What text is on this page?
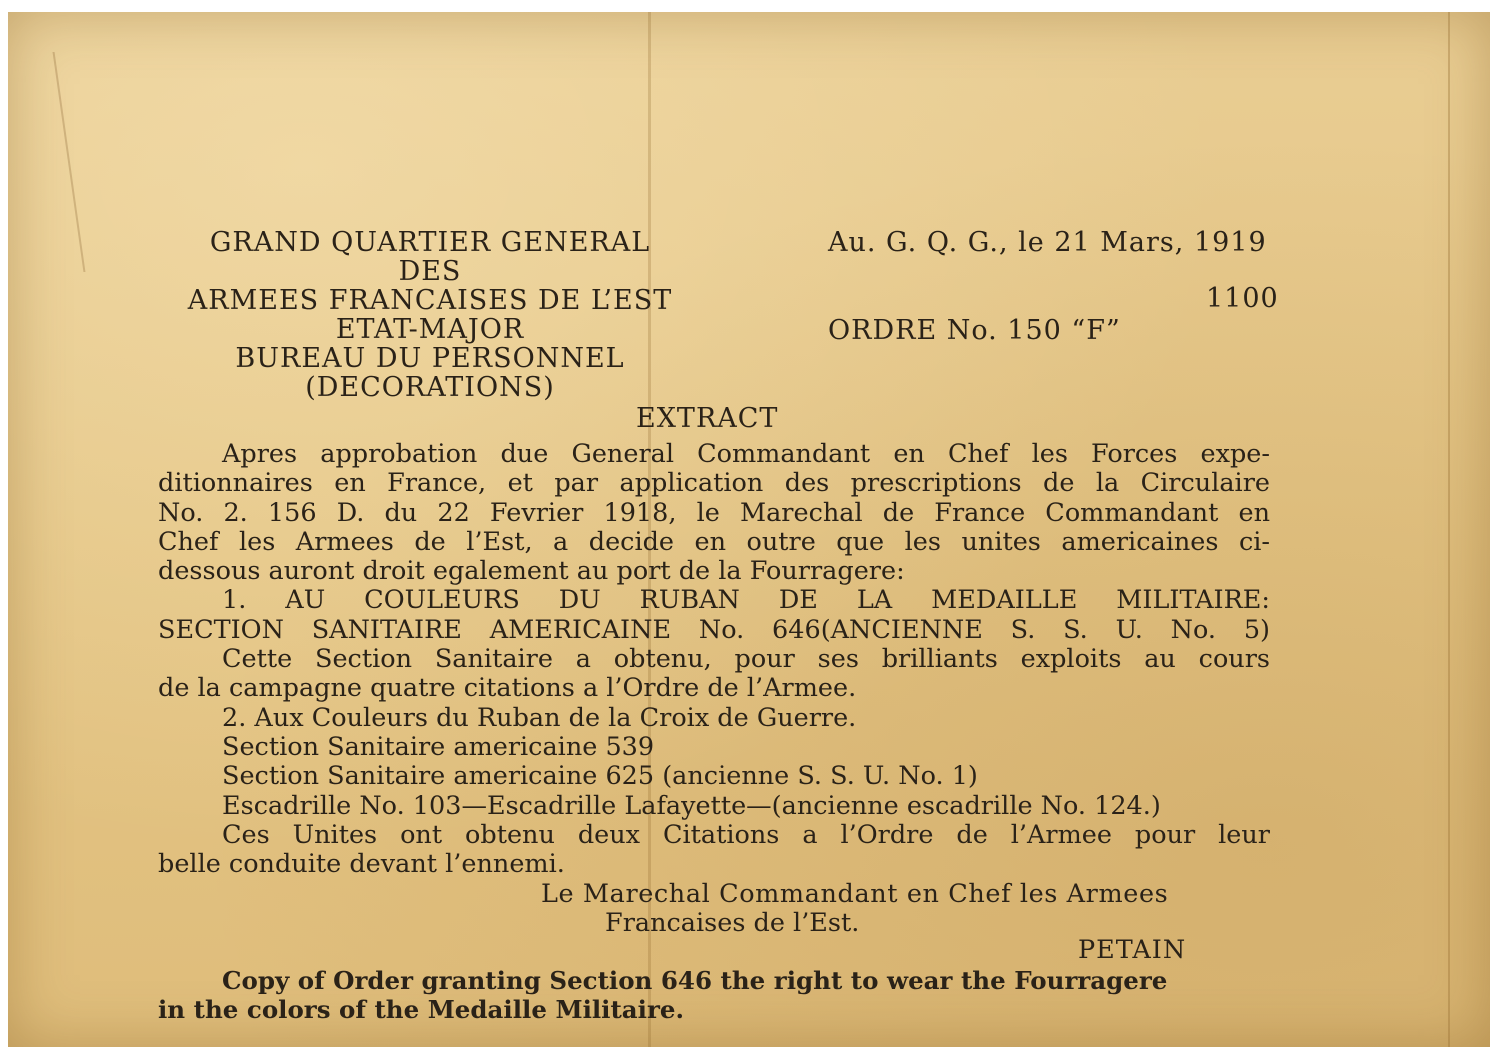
GRAND QUARTIER GENERAL
DES
ARMEES FRANCAISES DE L’EST
ETAT-MAJOR
BUREAU DU PERSONNEL
(DECORATIONS)
Au. G. Q. G., le 21 Mars, 1919
1100
ORDRE No. 150 “F”
EXTRACT
Apres approbation due General Commandant en Chef les Forces expe-
ditionnaires en France, et par application des prescriptions de la Circulaire
No. 2. 156 D. du 22 Fevrier 1918, le Marechal de France Commandant en
Chef les Armees de l’Est, a decide en outre que les unites americaines ci-
dessous auront droit egalement au port de la Fourragere:
1. AU COULEURS DU RUBAN DE LA MEDAILLE MILITAIRE:
SECTION SANITAIRE AMERICAINE No. 646(ANCIENNE S. S. U. No. 5)
Cette Section Sanitaire a obtenu, pour ses brilliants exploits au cours
de la campagne quatre citations a l’Ordre de l’Armee.
2. Aux Couleurs du Ruban de la Croix de Guerre.
Section Sanitaire americaine 539
Section Sanitaire americaine 625 (ancienne S. S. U. No. 1)
Escadrille No. 103—Escadrille Lafayette—(ancienne escadrille No. 124.)
Ces Unites ont obtenu deux Citations a l’Ordre de l’Armee pour leur
belle conduite devant l’ennemi.
Le Marechal Commandant en Chef les Armees
Francaises de l’Est.
PETAIN
Copy of Order granting Section 646 the right to wear the Fourragere
in the colors of the Medaille Militaire.
